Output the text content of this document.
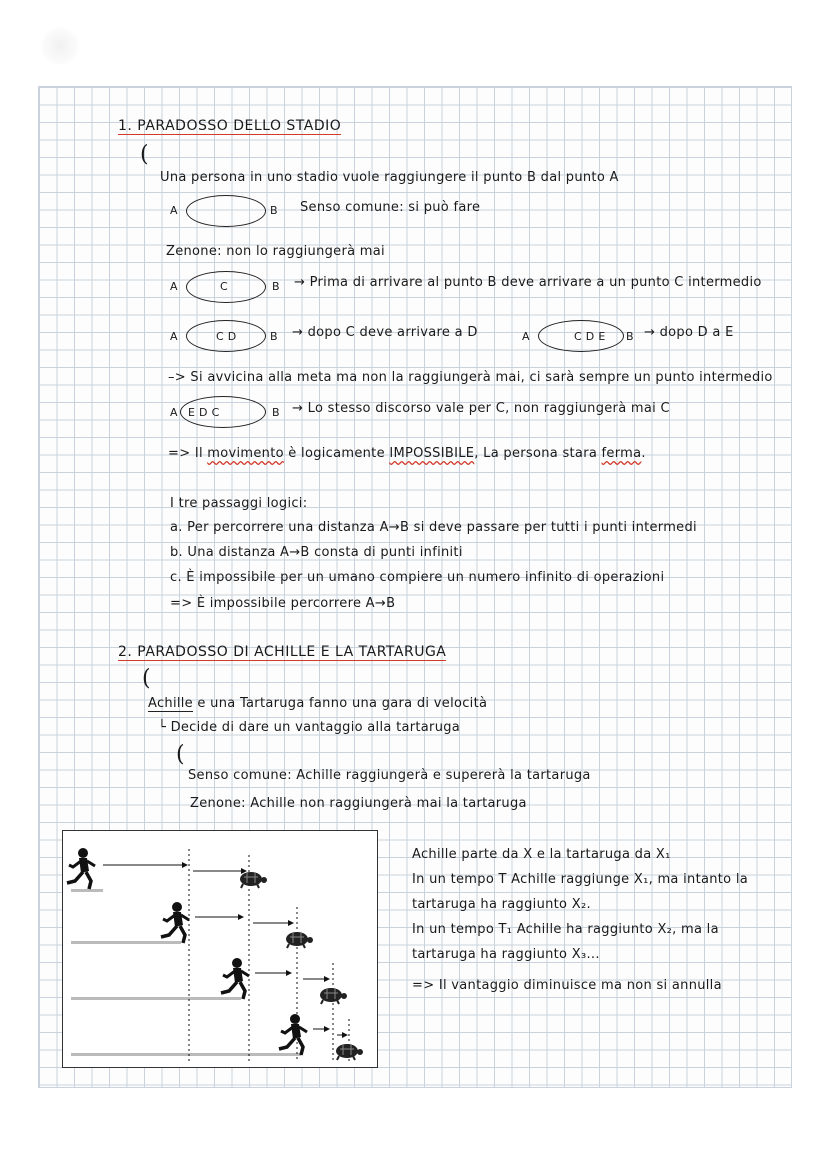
1. PARADOSSO DELLO STADIO
(
Una persona in uno stadio vuole raggiungere il punto B dal punto A
A	B Senso comune: si può fare
Zenone: non lo raggiungerà mai
A	C	B → Prima di arrivare al punto B deve arrivare a un punto C intermedio
A	C D	B → dopo C deve arrivare a D	A	C D E B → dopo D a E
–> Si avvicina alla meta ma non la raggiungerà mai, ci sarà sempre un punto intermedio
A E D C	B → Lo stesso discorso vale per C, non raggiungerà mai C
=> Il movimento è logicamente IMPOSSIBILE, La persona stara ferma.
I tre passaggi logici:
a. Per percorrere una distanza A→B si deve passare per tutti i punti intermedi
b. Una distanza A→B consta di punti infiniti
c. È impossibile per un umano compiere un numero infinito di operazioni
=> È impossibile percorrere A→B
2. PARADOSSO DI ACHILLE E LA TARTARUGA
(
Achille e una Tartaruga fanno una gara di velocità
└ Decide di dare un vantaggio alla tartaruga
(
Senso comune: Achille raggiungerà e supererà la tartaruga
Zenone: Achille non raggiungerà mai la tartaruga
Achille parte da X e la tartaruga da X₁
In un tempo T Achille raggiunge X₁, ma intanto la
tartaruga ha raggiunto X₂.
In un tempo T₁ Achille ha raggiunto X₂, ma la
tartaruga ha raggiunto X₃...
=> Il vantaggio diminuisce ma non si annulla
